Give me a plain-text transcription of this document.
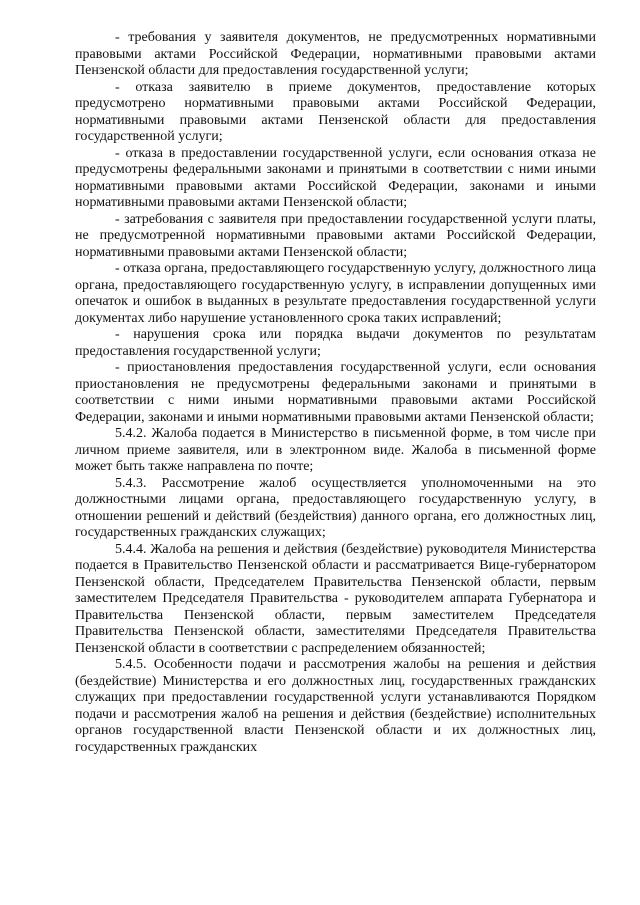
- требования у заявителя документов, не предусмотренных нормативными правовыми актами Российской Федерации, нормативными правовыми актами Пензенской области для предоставления государственной услуги;

- отказа заявителю в приеме документов, предоставление которых предусмотрено нормативными правовыми актами Российской Федерации, нормативными правовыми актами Пензенской области для предоставления государственной услуги;

- отказа в предоставлении государственной услуги, если основания отказа не предусмотрены федеральными законами и принятыми в соответствии с ними иными нормативными правовыми актами Российской Федерации, законами и иными нормативными правовыми актами Пензенской области;

- затребования с заявителя при предоставлении государственной услуги платы, не предусмотренной нормативными правовыми актами Российской Федерации, нормативными правовыми актами Пензенской области;

- отказа органа, предоставляющего государственную услугу, должностного лица органа, предоставляющего государственную услугу, в исправлении допущенных ими опечаток и ошибок в выданных в результате предоставления государственной услуги документах либо нарушение установленного срока таких исправлений;

- нарушения срока или порядка выдачи документов по результатам предоставления государственной услуги;

- приостановления предоставления государственной услуги, если основания приостановления не предусмотрены федеральными законами и принятыми в соответствии с ними иными нормативными правовыми актами Российской Федерации, законами и иными нормативными правовыми актами Пензенской области;

5.4.2. Жалоба подается в Министерство в письменной форме, в том числе при личном приеме заявителя, или в электронном виде. Жалоба в письменной форме может быть также направлена по почте;

5.4.3. Рассмотрение жалоб осуществляется уполномоченными на это должностными лицами органа, предоставляющего государственную услугу, в отношении решений и действий (бездействия) данного органа, его должностных лиц, государственных гражданских служащих;

5.4.4. Жалоба на решения и действия (бездействие) руководителя Министерства подается в Правительство Пензенской области и рассматривается Вице-губернатором Пензенской области, Председателем Правительства Пензенской области, первым заместителем Председателя Правительства - руководителем аппарата Губернатора и Правительства Пензенской области, первым заместителем Председателя Правительства Пензенской области, заместителями Председателя Правительства Пензенской области в соответствии с распределением обязанностей;

5.4.5. Особенности подачи и рассмотрения жалобы на решения и действия (бездействие) Министерства и его должностных лиц, государственных гражданских служащих при предоставлении государственной услуги устанавливаются Порядком подачи и рассмотрения жалоб на решения и действия (бездействие) исполнительных органов государственной власти Пензенской области и их должностных лиц, государственных гражданских
